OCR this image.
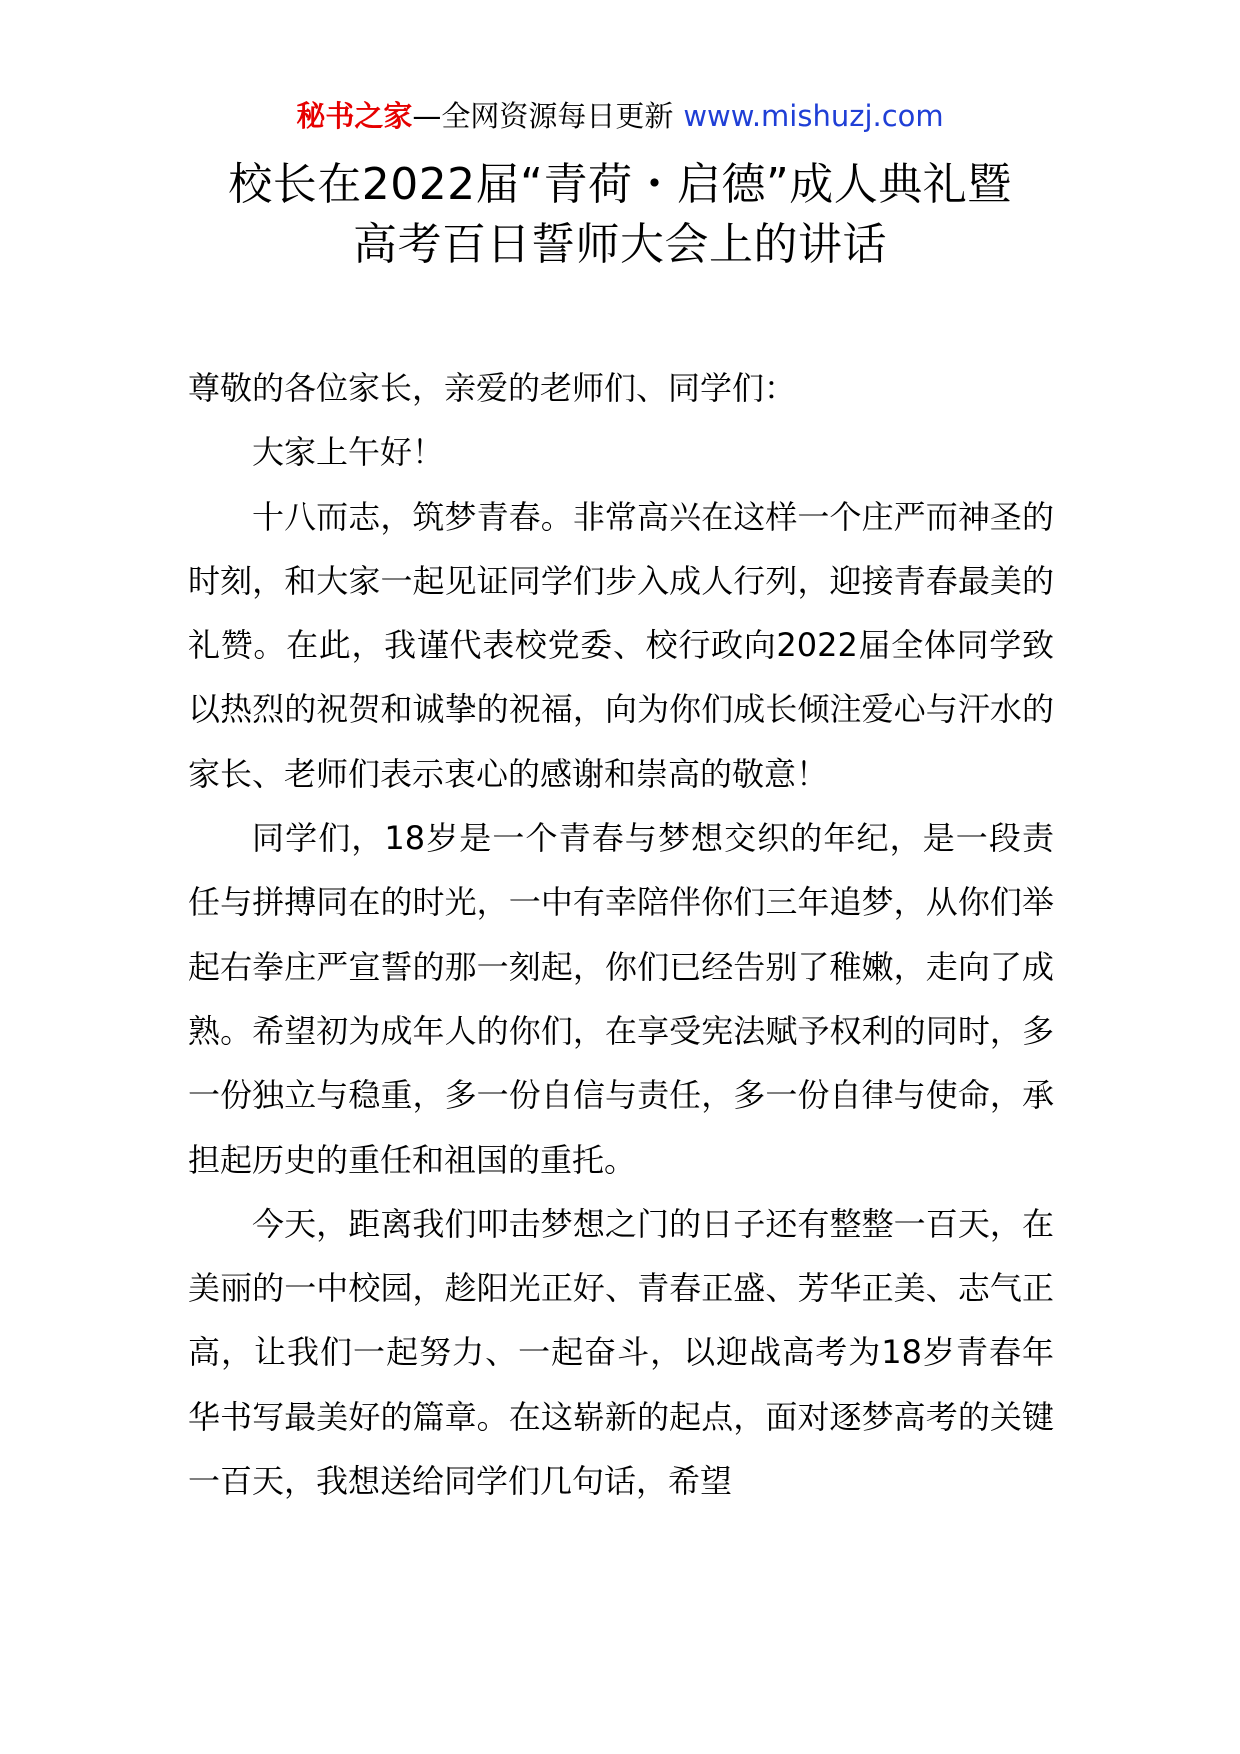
秘书之家—全网资源每日更新 www.mishuzj.com
校长在2022届“青荷・启德”成人典礼暨
高考百日誓师大会上的讲话

尊敬的各位家长，亲爱的老师们、同学们：

大家上午好！

十八而志，筑梦青春。非常高兴在这样一个庄严而神圣的时刻，和大家一起见证同学们步入成人行列，迎接青春最美的礼赞。在此，我谨代表校党委、校行政向2022届全体同学致以热烈的祝贺和诚挚的祝福，向为你们成长倾注爱心与汗水的家长、老师们表示衷心的感谢和崇高的敬意！

同学们，18岁是一个青春与梦想交织的年纪，是一段责任与拼搏同在的时光，一中有幸陪伴你们三年追梦，从你们举起右拳庄严宣誓的那一刻起，你们已经告别了稚嫩，走向了成熟。希望初为成年人的你们，在享受宪法赋予权利的同时，多一份独立与稳重，多一份自信与责任，多一份自律与使命，承担起历史的重任和祖国的重托。

今天，距离我们叩击梦想之门的日子还有整整一百天，在美丽的一中校园，趁阳光正好、青春正盛、芳华正美、志气正高，让我们一起努力、一起奋斗，以迎战高考为18岁青春年华书写最美好的篇章。在这崭新的起点，面对逐梦高考的关键一百天，我想送给同学们几句话，希望
